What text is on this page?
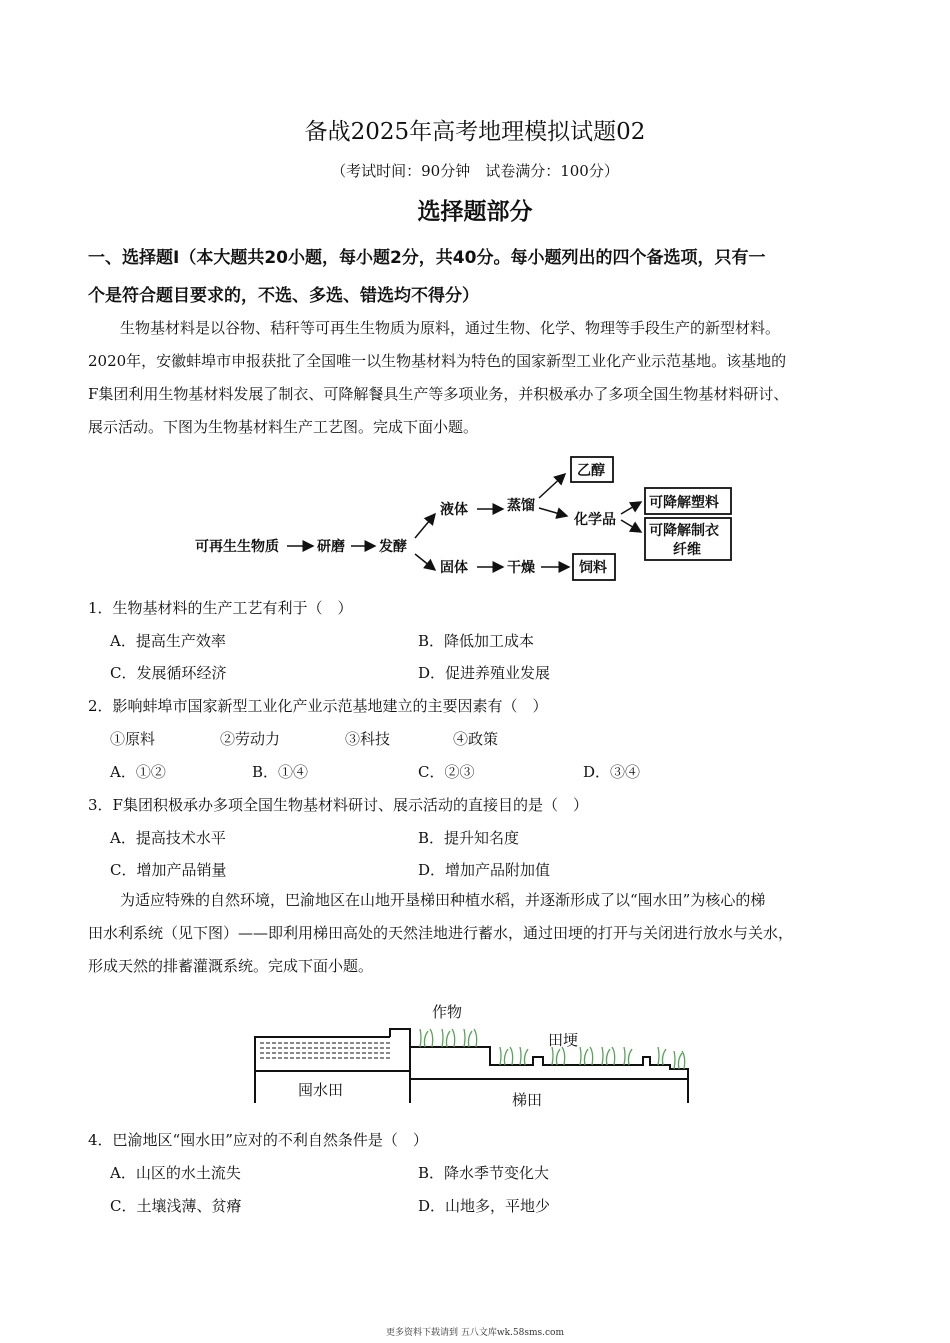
备战2025年高考地理模拟试题02
（考试时间：90分钟　试卷满分：100分）
选择题部分
一、选择题Ⅰ（本大题共20小题，每小题2分，共40分。每小题列出的四个备选项，只有一
个是符合题目要求的，不选、多选、错选均不得分）
生物基材料是以谷物、秸秆等可再生生物质为原料，通过生物、化学、物理等手段生产的新型材料。
2020年，安徽蚌埠市申报获批了全国唯一以生物基材料为特色的国家新型工业化产业示范基地。该基地的
F集团利用生物基材料发展了制衣、可降解餐具生产等多项业务，并积极承办了多项全国生物基材料研讨、
展示活动。下图为生物基材料生产工艺图。完成下面小题。
可再生生物质	研磨 发酵
液体	蒸馏
乙醇
化学品
可降解塑料
可降解制衣
纤维
固体	干燥	饲料
1．生物基材料的生产工艺有利于（　）
A．提高生产效率	B．降低加工成本
C．发展循环经济	D．促进养殖业发展
2．影响蚌埠市国家新型工业化产业示范基地建立的主要因素有（　）
①原料	②劳动力	③科技	④政策
A．①②	B．①④	C．②③	D．③④
3．F集团积极承办多项全国生物基材料研讨、展示活动的直接目的是（　）
A．提高技术水平	B．提升知名度
C．增加产品销量	D．增加产品附加值
为适应特殊的自然环境，巴渝地区在山地开垦梯田种植水稻，并逐渐形成了以“囤水田”为核心的梯
田水利系统（见下图）——即利用梯田高处的天然洼地进行蓄水，通过田埂的打开与关闭进行放水与关水，
形成天然的排蓄灌溉系统。完成下面小题。
作物
田埂
囤水田
梯田
4．巴渝地区“囤水田”应对的不利自然条件是（　）
A．山区的水土流失	B．降水季节变化大
C．土壤浅薄、贫瘠	D．山地多，平地少
更多资料下载请到 五八文库wk.58sms.com
